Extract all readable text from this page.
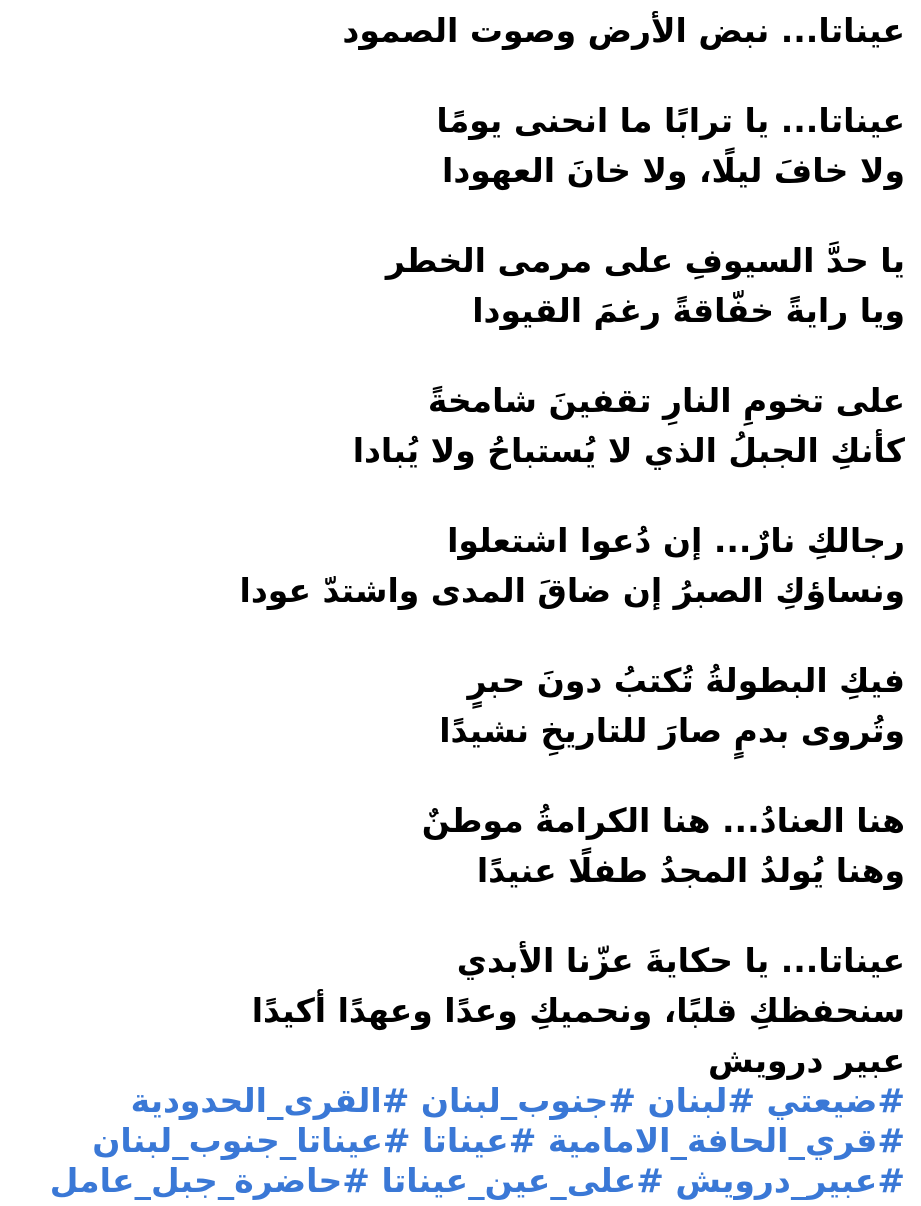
عيناتا... نبض الأرض وصوت الصمود
عيناتا... يا ترابًا ما انحنى يومًا
ولا خافَ ليلًا، ولا خانَ العهودا
يا حدَّ السيوفِ على مرمى الخطر
ويا رايةً خفّاقةً رغمَ القيودا
على تخومِ النارِ تقفينَ شامخةً
كأنكِ الجبلُ الذي لا يُستباحُ ولا يُبادا
رجالكِ نارٌ... إن دُعوا اشتعلوا
ونساؤكِ الصبرُ إن ضاقَ المدى واشتدّ عودا
فيكِ البطولةُ تُكتبُ دونَ حبرٍ
وتُروى بدمٍ صارَ للتاريخِ نشيدًا
هنا العنادُ... هنا الكرامةُ موطنٌ
وهنا يُولدُ المجدُ طفلًا عنيدًا
عيناتا... يا حكايةَ عزّنا الأبدي
سنحفظكِ قلبًا، ونحميكِ وعدًا وعهدًا أكيدًا
عبير درويش
#ضيعتي #لبنان #جنوب_لبنان #القرى_الحدودية
#قري_الحافة_الامامية #عيناتا #عيناتا_جنوب_لبنان
#عبير_درويش #على_عين_عيناتا #حاضرة_جبل_عامل
